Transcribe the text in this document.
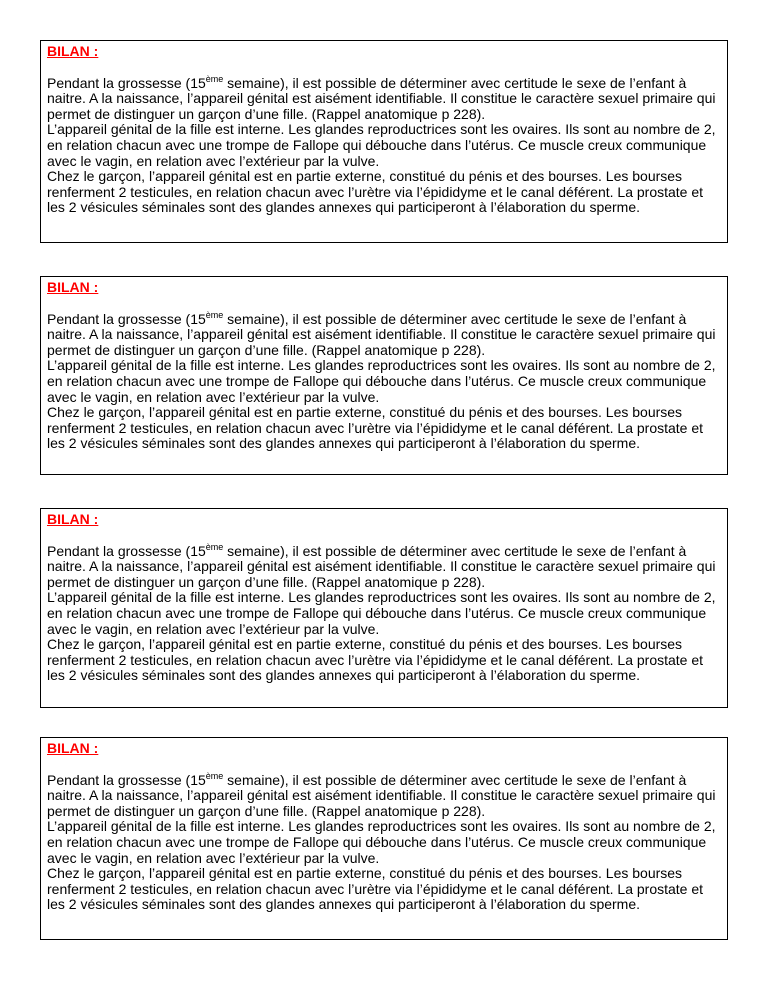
BILAN :
Pendant la grossesse (15ème semaine), il est possible de déterminer avec certitude le sexe de l’enfant à naitre. A la naissance, l’appareil génital est aisément identifiable. Il constitue le caractère sexuel primaire qui permet de distinguer un garçon d’une fille. (Rappel anatomique p 228).
L’appareil génital de la fille est interne. Les glandes reproductrices sont les ovaires. Ils sont au nombre de 2, en relation chacun avec une trompe de Fallope qui débouche dans l’utérus. Ce muscle creux communique avec le vagin, en relation avec l’extérieur par la vulve.
Chez le garçon, l’appareil génital est en partie externe, constitué du pénis et des bourses. Les bourses renferment 2 testicules, en relation chacun avec l’urètre via l’épididyme et le canal déférent. La prostate et les 2 vésicules séminales sont des glandes annexes qui participeront à l’élaboration du sperme.
BILAN :
Pendant la grossesse (15ème semaine), il est possible de déterminer avec certitude le sexe de l’enfant à naitre. A la naissance, l’appareil génital est aisément identifiable. Il constitue le caractère sexuel primaire qui permet de distinguer un garçon d’une fille. (Rappel anatomique p 228).
L’appareil génital de la fille est interne. Les glandes reproductrices sont les ovaires. Ils sont au nombre de 2, en relation chacun avec une trompe de Fallope qui débouche dans l’utérus. Ce muscle creux communique avec le vagin, en relation avec l’extérieur par la vulve.
Chez le garçon, l’appareil génital est en partie externe, constitué du pénis et des bourses. Les bourses renferment 2 testicules, en relation chacun avec l’urètre via l’épididyme et le canal déférent. La prostate et les 2 vésicules séminales sont des glandes annexes qui participeront à l’élaboration du sperme.
BILAN :
Pendant la grossesse (15ème semaine), il est possible de déterminer avec certitude le sexe de l’enfant à naitre. A la naissance, l’appareil génital est aisément identifiable. Il constitue le caractère sexuel primaire qui permet de distinguer un garçon d’une fille. (Rappel anatomique p 228).
L’appareil génital de la fille est interne. Les glandes reproductrices sont les ovaires. Ils sont au nombre de 2, en relation chacun avec une trompe de Fallope qui débouche dans l’utérus. Ce muscle creux communique avec le vagin, en relation avec l’extérieur par la vulve.
Chez le garçon, l’appareil génital est en partie externe, constitué du pénis et des bourses. Les bourses renferment 2 testicules, en relation chacun avec l’urètre via l’épididyme et le canal déférent. La prostate et les 2 vésicules séminales sont des glandes annexes qui participeront à l’élaboration du sperme.
BILAN :
Pendant la grossesse (15ème semaine), il est possible de déterminer avec certitude le sexe de l’enfant à naitre. A la naissance, l’appareil génital est aisément identifiable. Il constitue le caractère sexuel primaire qui permet de distinguer un garçon d’une fille. (Rappel anatomique p 228).
L’appareil génital de la fille est interne. Les glandes reproductrices sont les ovaires. Ils sont au nombre de 2, en relation chacun avec une trompe de Fallope qui débouche dans l’utérus. Ce muscle creux communique avec le vagin, en relation avec l’extérieur par la vulve.
Chez le garçon, l’appareil génital est en partie externe, constitué du pénis et des bourses. Les bourses renferment 2 testicules, en relation chacun avec l’urètre via l’épididyme et le canal déférent. La prostate et les 2 vésicules séminales sont des glandes annexes qui participeront à l’élaboration du sperme.
